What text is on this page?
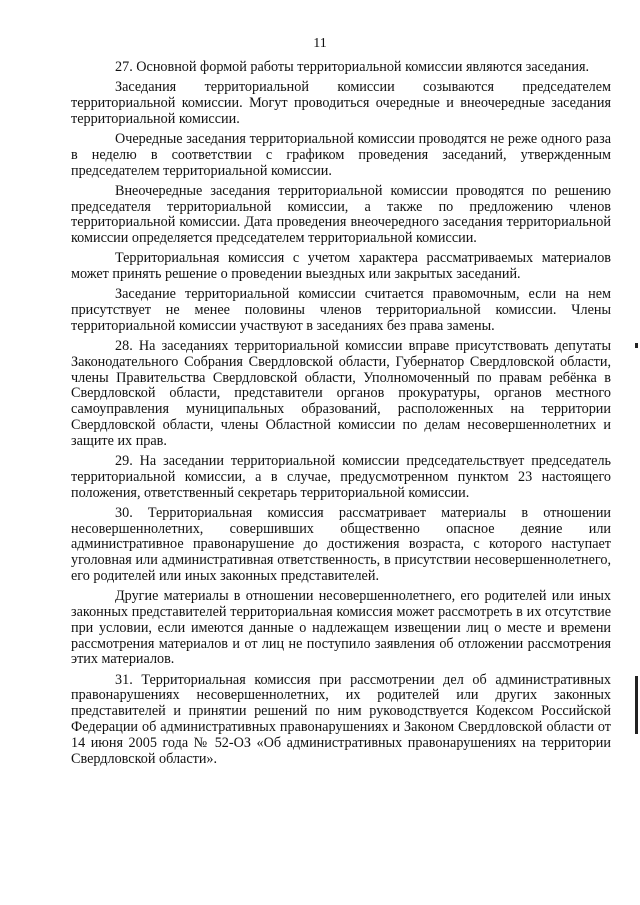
11

27. Основной формой работы территориальной комиссии являются заседания.

Заседания территориальной комиссии созываются председателем территориальной комиссии. Могут проводиться очередные и внеочередные заседания территориальной комиссии.

Очередные заседания территориальной комиссии проводятся не реже одного раза в неделю в соответствии с графиком проведения заседаний, утвержденным председателем территориальной комиссии.

Внеочередные заседания территориальной комиссии проводятся по решению председателя территориальной комиссии, а также по предложению членов территориальной комиссии. Дата проведения внеочередного заседания территориальной комиссии определяется председателем территориальной комиссии.

Территориальная комиссия с учетом характера рассматриваемых материалов может принять решение о проведении выездных или закрытых заседаний.

Заседание территориальной комиссии считается правомочным, если на нем присутствует не менее половины членов территориальной комиссии. Члены территориальной комиссии участвуют в заседаниях без права замены.

28. На заседаниях территориальной комиссии вправе присутствовать депутаты Законодательного Собрания Свердловской области, Губернатор Свердловской области, члены Правительства Свердловской области, Уполномоченный по правам ребёнка в Свердловской области, представители органов прокуратуры, органов местного самоуправления муниципальных образований, расположенных на территории Свердловской области, члены Областной комиссии по делам несовершеннолетних и защите их прав.

29. На заседании территориальной комиссии председательствует председатель территориальной комиссии, а в случае, предусмотренном пунктом 23 настоящего положения, ответственный секретарь территориальной комиссии.

30. Территориальная комиссия рассматривает материалы в отношении несовершеннолетних, совершивших общественно опасное деяние или административное правонарушение до достижения возраста, с которого наступает уголовная или административная ответственность, в присутствии несовершеннолетнего, его родителей или иных законных представителей.

Другие материалы в отношении несовершеннолетнего, его родителей или иных законных представителей территориальная комиссия может рассмотреть в их отсутствие при условии, если имеются данные о надлежащем извещении лиц о месте и времени рассмотрения материалов и от лиц не поступило заявления об отложении рассмотрения этих материалов.

31. Территориальная комиссия при рассмотрении дел об административных правонарушениях несовершеннолетних, их родителей или других законных представителей и принятии решений по ним руководствуется Кодексом Российской Федерации об административных правонарушениях и Законом Свердловской области от 14 июня 2005 года № 52-ОЗ «Об административных правонарушениях на территории Свердловской области».
